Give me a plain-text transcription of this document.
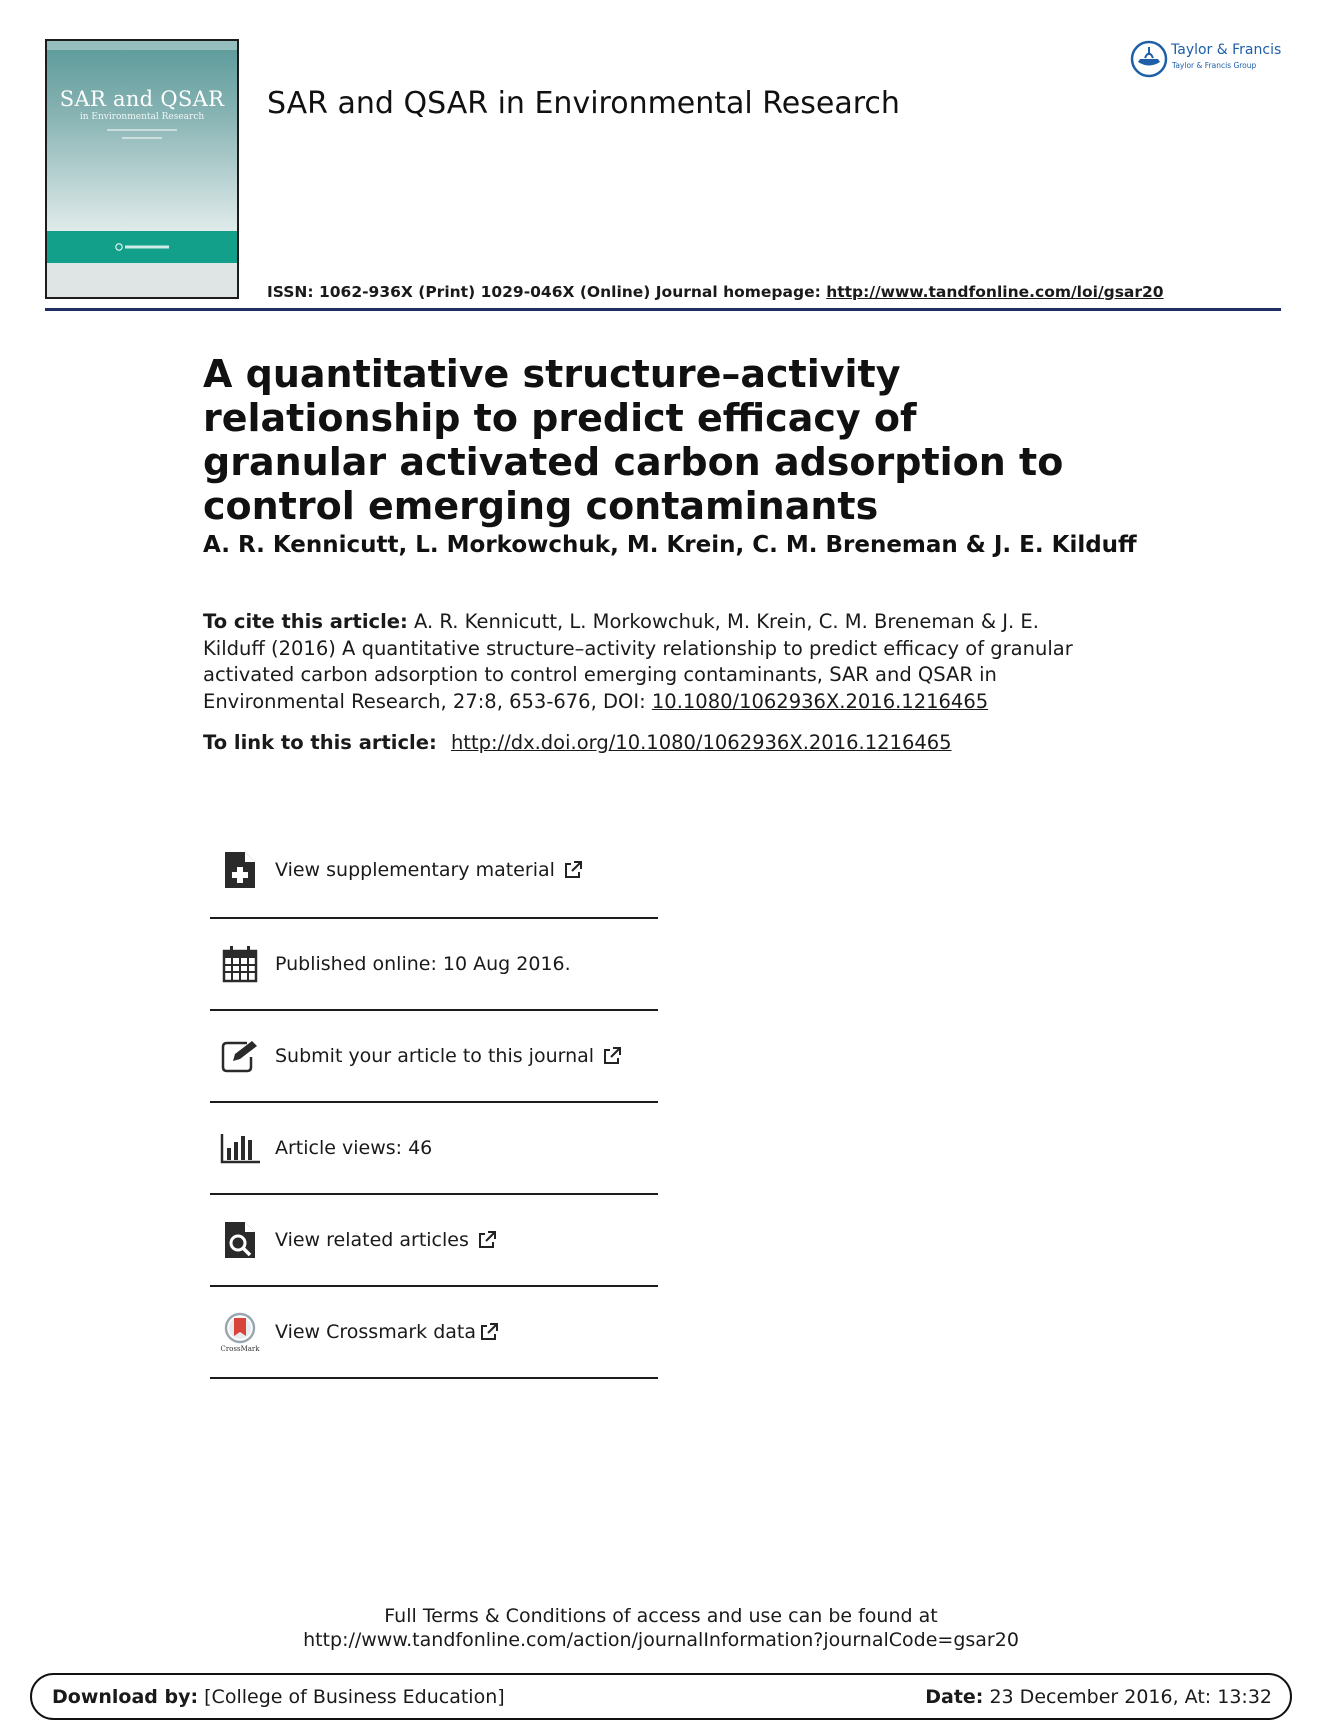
SAR and QSAR
in Environmental Research	SAR and QSAR in Environmental Research
Taylor & Francis
Taylor & Francis Group
ISSN: 1062-936X (Print) 1029-046X (Online) Journal homepage: http://www.tandfonline.com/loi/gsar20
A quantitative structure–activity relationship to predict efficacy of granular activated carbon adsorption to control emerging contaminants
A. R. Kennicutt, L. Morkowchuk, M. Krein, C. M. Breneman & J. E. Kilduff
To cite this article: A. R. Kennicutt, L. Morkowchuk, M. Krein, C. M. Breneman & J. E. Kilduff (2016) A quantitative structure–activity relationship to predict efficacy of granular activated carbon adsorption to control emerging contaminants, SAR and QSAR in Environmental Research, 27:8, 653-676, DOI: 10.1080/1062936X.2016.1216465
To link to this article: http://dx.doi.org/10.1080/1062936X.2016.1216465
View supplementary material
Published online: 10 Aug 2016.
Submit your article to this journal
Article views: 46
View related articles
CrossMark
View Crossmark data
Full Terms & Conditions of access and use can be found at
http://www.tandfonline.com/action/journalInformation?journalCode=gsar20
Download by: [College of Business Education]	Date: 23 December 2016, At: 13:32
